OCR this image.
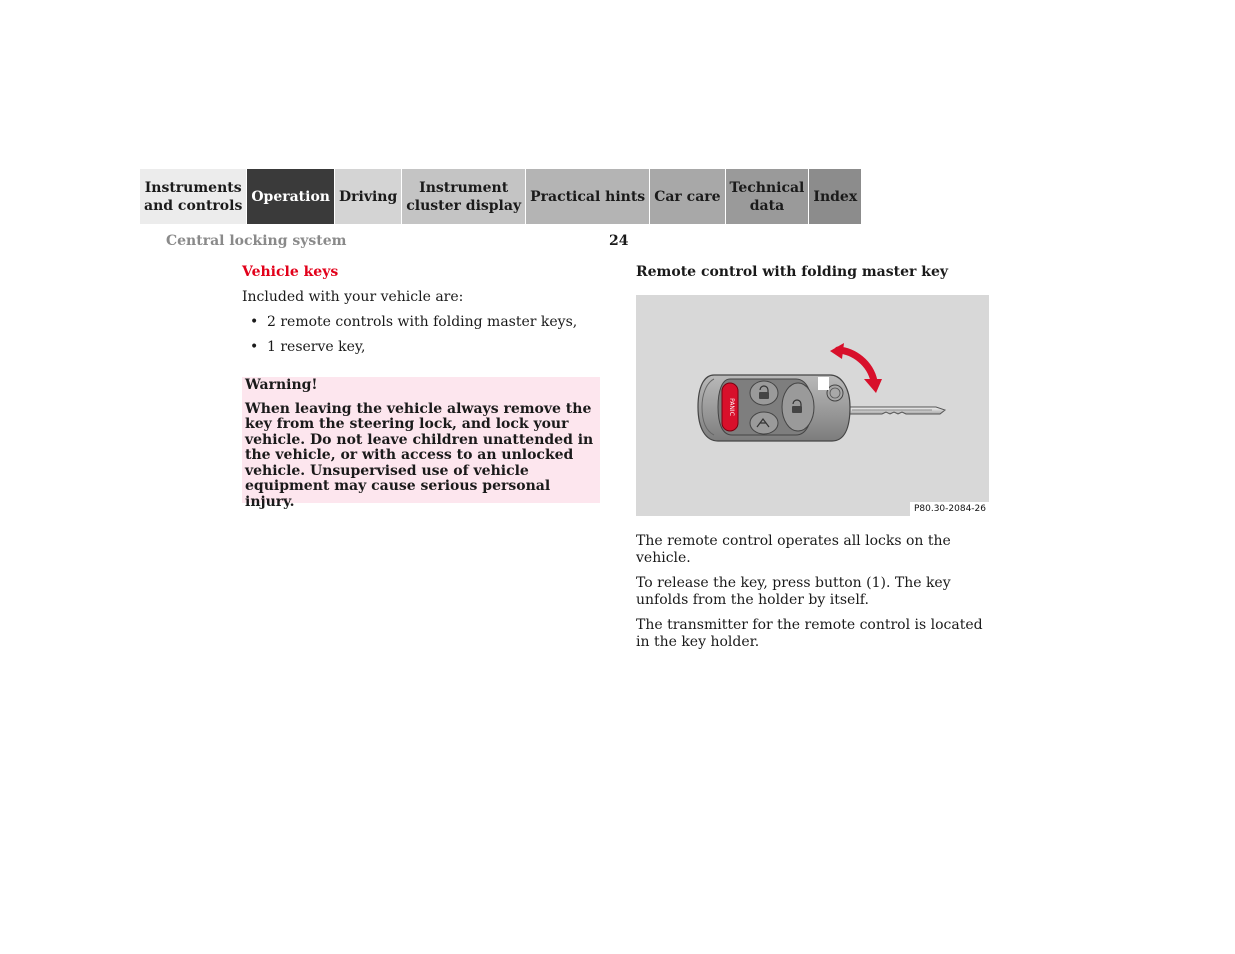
Instruments
and controls
Operation Driving
Instrument
cluster display
Practical hints Car care
Technical
data
Index
Central locking system	24

Vehicle keys

Included with your vehicle are:

• 2 remote controls with folding master keys,
• 1 reserve key,

Warning!

When leaving the vehicle always remove the key from the steering lock, and lock your vehicle. Do not leave children unattended in the vehicle, or with access to an unlocked vehicle. Unsupervised use of vehicle equipment may cause serious personal injury.

Remote control with folding master key

PANIC
P80.30-2084-26

The remote control operates all locks on the vehicle.

To release the key, press button (1). The key unfolds from the holder by itself.

The transmitter for the remote control is located in the key holder.
